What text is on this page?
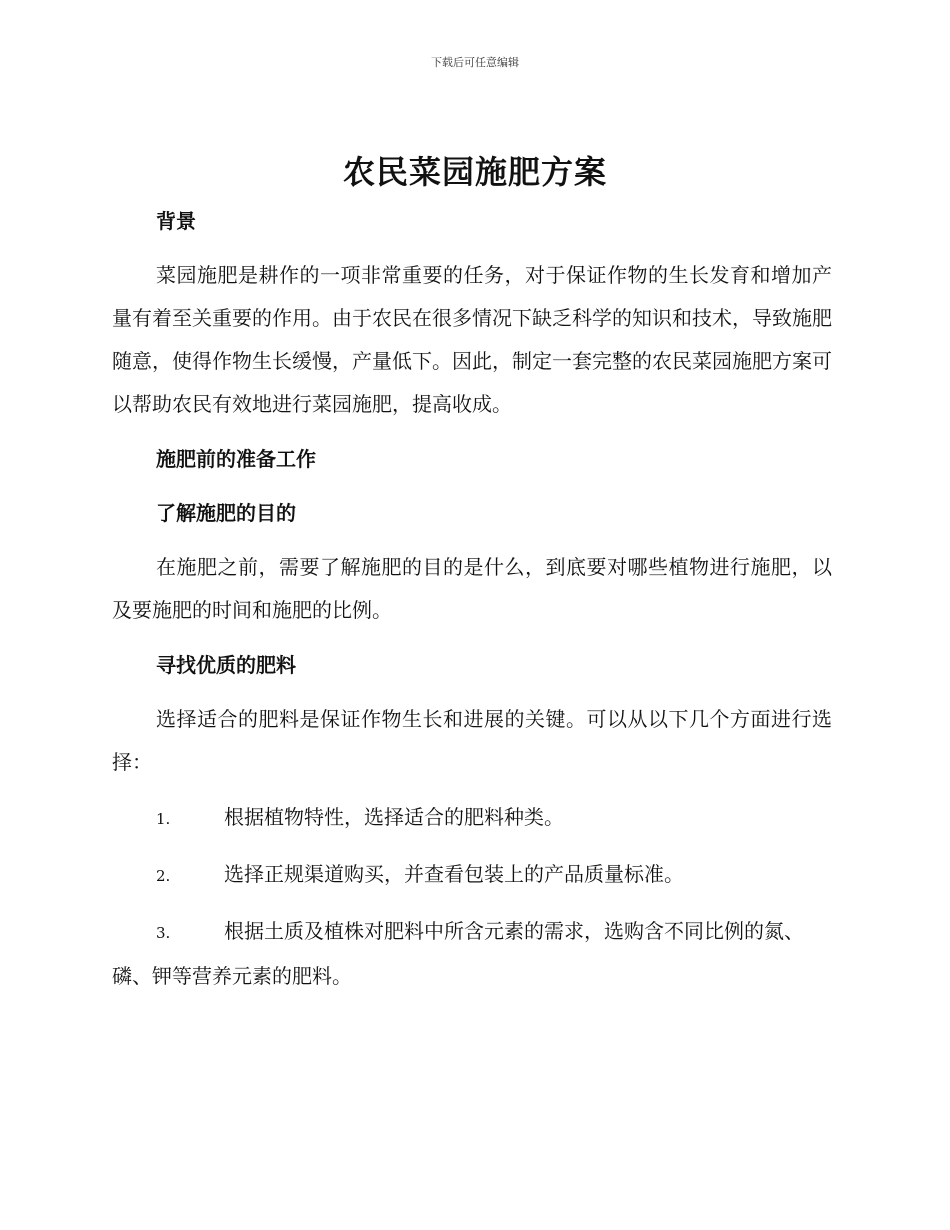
下载后可任意编辑
农民菜园施肥方案

背景

菜园施肥是耕作的一项非常重要的任务，对于保证作物的生长发育和增加产量有着至关重要的作用。由于农民在很多情况下缺乏科学的知识和技术，导致施肥随意，使得作物生长缓慢，产量低下。因此，制定一套完整的农民菜园施肥方案可以帮助农民有效地进行菜园施肥，提高收成。

施肥前的准备工作

了解施肥的目的

在施肥之前，需要了解施肥的目的是什么，到底要对哪些植物进行施肥，以及要施肥的时间和施肥的比例。

寻找优质的肥料

选择适合的肥料是保证作物生长和进展的关键。可以从以下几个方面进行选择：

1.	根据植物特性，选择适合的肥料种类。

2.	选择正规渠道购买，并查看包装上的产品质量标准。

3.	根据土质及植株对肥料中所含元素的需求，选购含不同比例的氮、磷、钾等营养元素的肥料。
